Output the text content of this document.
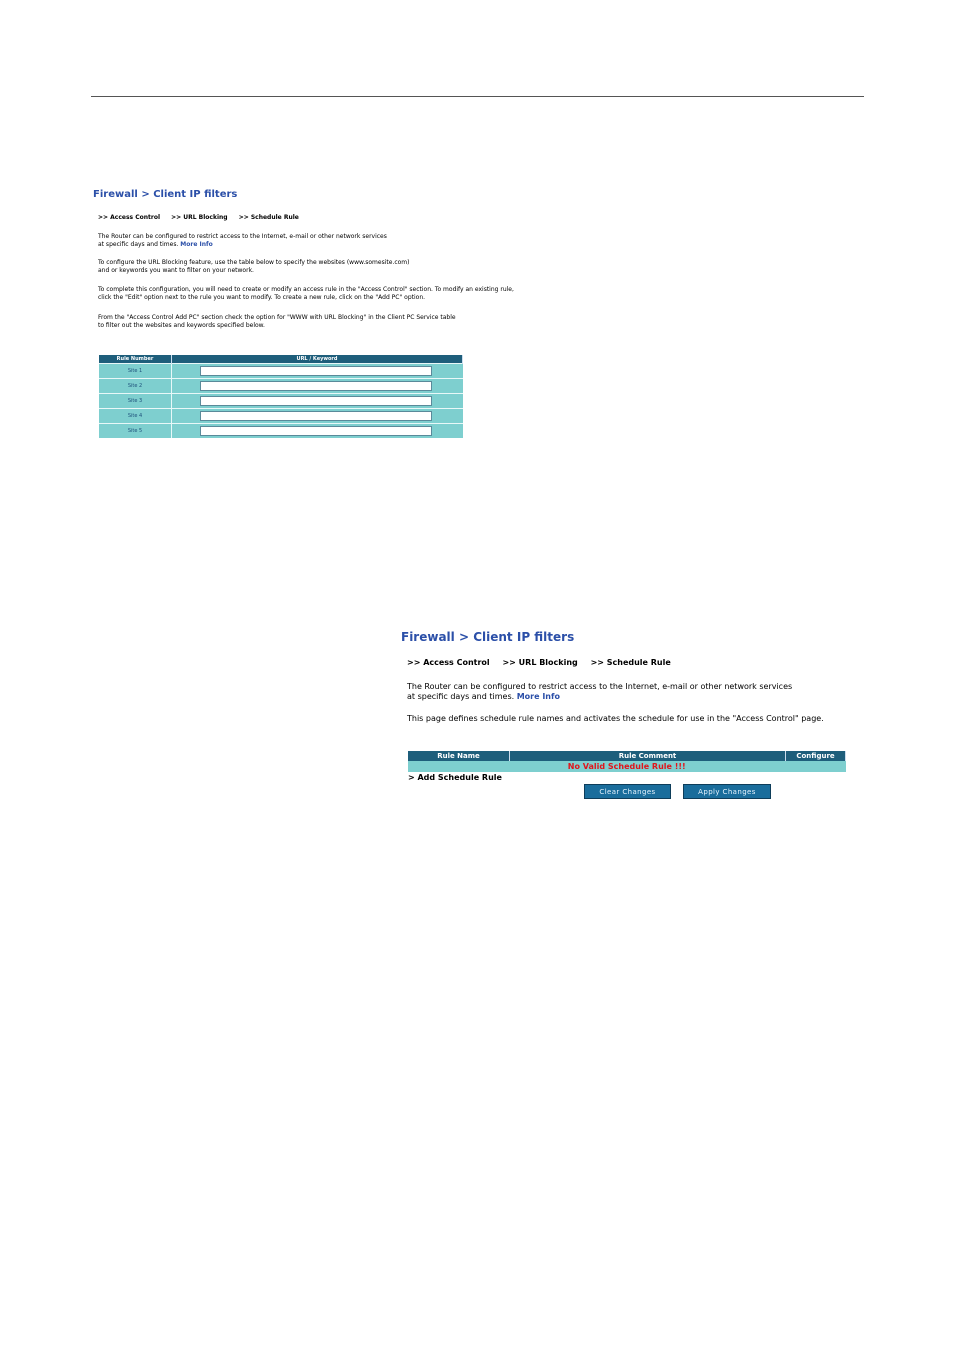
Firewall > Client IP filters
>> Access Control >> URL Blocking >> Schedule Rule
The Router can be configured to restrict access to the Internet, e-mail or other network services
at specific days and times. More Info
To configure the URL Blocking feature, use the table below to specify the websites (www.somesite.com)
and or keywords you want to filter on your network.
To complete this configuration, you will need to create or modify an access rule in the "Access Control" section. To modify an existing rule,
click the "Edit" option next to the rule you want to modify. To create a new rule, click on the "Add PC" option.
From the "Access Control Add PC" section check the option for "WWW with URL Blocking" in the Client PC Service table
to filter out the websites and keywords specified below.
Rule Number	URL / Keyword
Site 1	

Site 2	

Site 3	

Site 4	

Site 5	
Firewall > Client IP filters
>> Access Control >> URL Blocking >> Schedule Rule
The Router can be configured to restrict access to the Internet, e-mail or other network services
at specific days and times. More Info
This page defines schedule rule names and activates the schedule for use in the "Access Control" page.
Rule Name	Rule Comment	Configure
No Valid Schedule Rule !!!
> Add Schedule Rule
Clear Changes	Apply Changes
